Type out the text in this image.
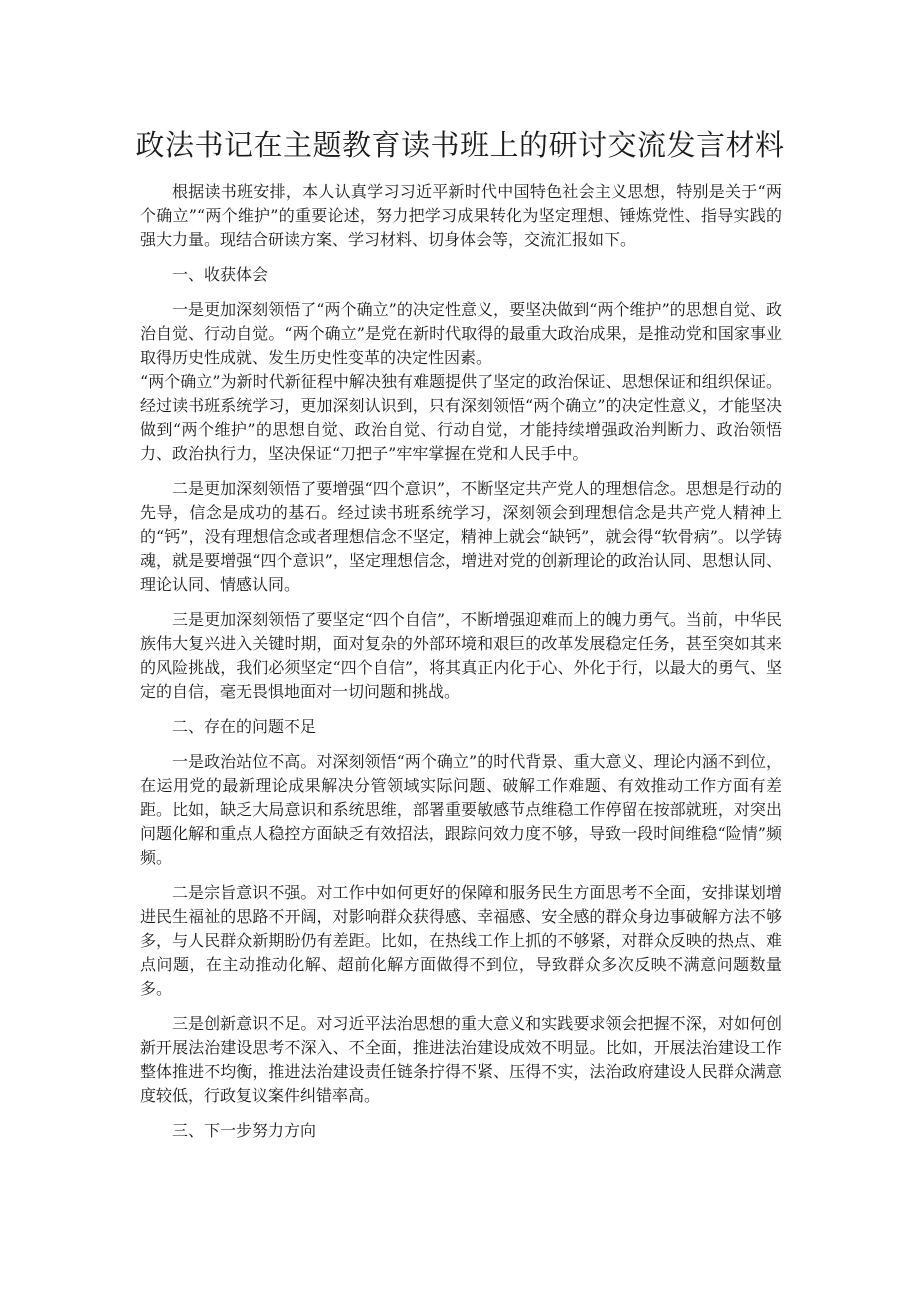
政法书记在主题教育读书班上的研讨交流发言材料

根据读书班安排，本人认真学习习近平新时代中国特色社会主义思想，特别是关于“两个确立”“两个维护”的重要论述，努力把学习成果转化为坚定理想、锤炼党性、指导实践的强大力量。现结合研读方案、学习材料、切身体会等，交流汇报如下。

一、收获体会

一是更加深刻领悟了“两个确立”的决定性意义，要坚决做到“两个维护”的思想自觉、政治自觉、行动自觉。“两个确立”是党在新时代取得的最重大政治成果，是推动党和国家事业取得历史性成就、发生历史性变革的决定性因素。

“两个确立”为新时代新征程中解决独有难题提供了坚定的政治保证、思想保证和组织保证。经过读书班系统学习，更加深刻认识到，只有深刻领悟“两个确立”的决定性意义，才能坚决做到“两个维护”的思想自觉、政治自觉、行动自觉，才能持续增强政治判断力、政治领悟力、政治执行力，坚决保证“刀把子”牢牢掌握在党和人民手中。

二是更加深刻领悟了要增强“四个意识”，不断坚定共产党人的理想信念。思想是行动的先导，信念是成功的基石。经过读书班系统学习，深刻领会到理想信念是共产党人精神上的“钙”，没有理想信念或者理想信念不坚定，精神上就会“缺钙”，就会得“软骨病”。以学铸魂，就是要增强“四个意识”，坚定理想信念，增进对党的创新理论的政治认同、思想认同、理论认同、情感认同。

三是更加深刻领悟了要坚定“四个自信”，不断增强迎难而上的魄力勇气。当前，中华民族伟大复兴进入关键时期，面对复杂的外部环境和艰巨的改革发展稳定任务，甚至突如其来的风险挑战，我们必须坚定“四个自信”，将其真正内化于心、外化于行，以最大的勇气、坚定的自信，毫无畏惧地面对一切问题和挑战。

二、存在的问题不足

一是政治站位不高。对深刻领悟“两个确立”的时代背景、重大意义、理论内涵不到位，在运用党的最新理论成果解决分管领域实际问题、破解工作难题、有效推动工作方面有差距。比如，缺乏大局意识和系统思维，部署重要敏感节点维稳工作停留在按部就班，对突出问题化解和重点人稳控方面缺乏有效招法，跟踪问效力度不够，导致一段时间维稳“险情”频频。

二是宗旨意识不强。对工作中如何更好的保障和服务民生方面思考不全面，安排谋划增进民生福祉的思路不开阔，对影响群众获得感、幸福感、安全感的群众身边事破解方法不够多，与人民群众新期盼仍有差距。比如，在热线工作上抓的不够紧，对群众反映的热点、难点问题，在主动推动化解、超前化解方面做得不到位，导致群众多次反映不满意问题数量多。

三是创新意识不足。对习近平法治思想的重大意义和实践要求领会把握不深，对如何创新开展法治建设思考不深入、不全面，推进法治建设成效不明显。比如，开展法治建设工作整体推进不均衡，推进法治建设责任链条拧得不紧、压得不实，法治政府建设人民群众满意度较低，行政复议案件纠错率高。

三、下一步努力方向
